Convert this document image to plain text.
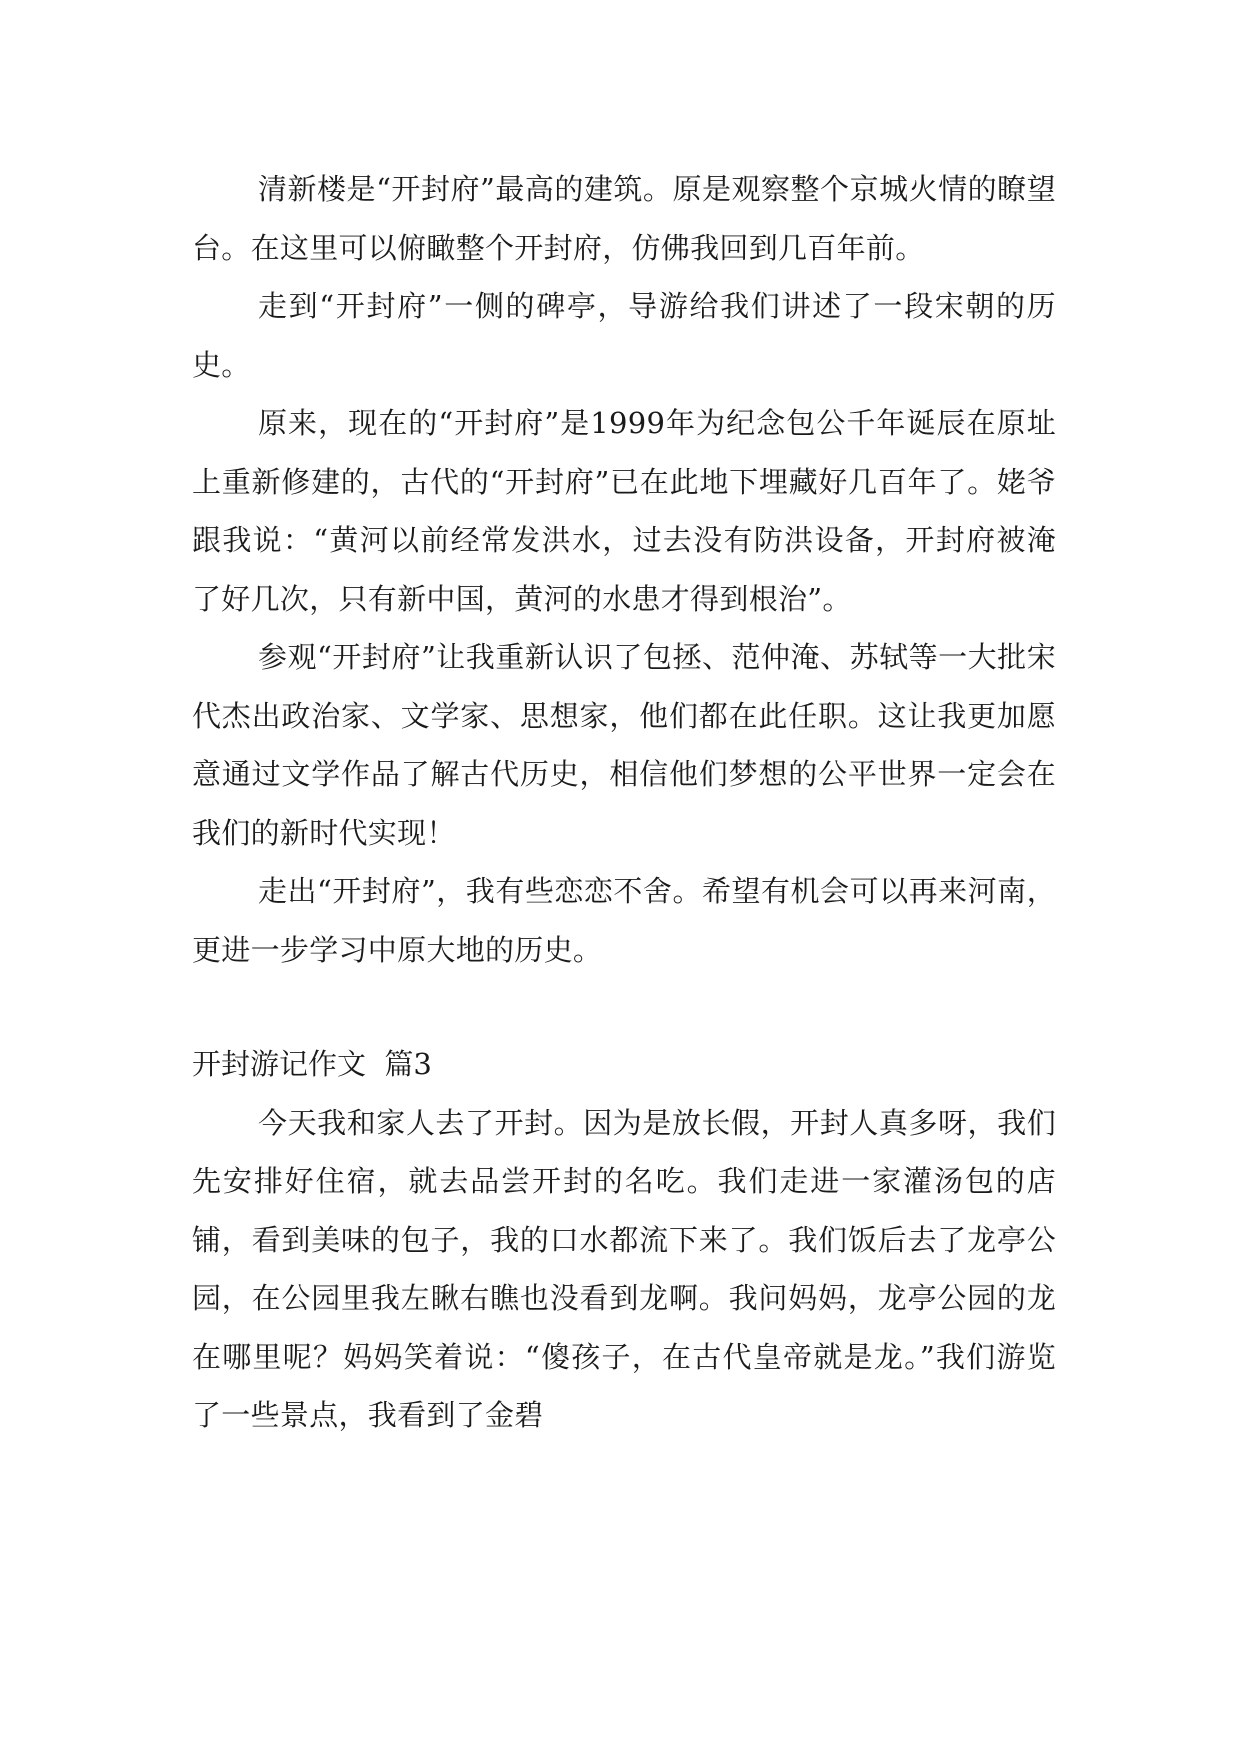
清新楼是“开封府”最高的建筑。原是观察整个京城火情的瞭望台。在这里可以俯瞰整个开封府，仿佛我回到几百年前。

走到“开封府”一侧的碑亭，导游给我们讲述了一段宋朝的历史。

原来，现在的“开封府”是1999年为纪念包公千年诞辰在原址上重新修建的，古代的“开封府”已在此地下埋藏好几百年了。姥爷跟我说：“黄河以前经常发洪水，过去没有防洪设备，开封府被淹了好几次，只有新中国，黄河的水患才得到根治”。

参观“开封府”让我重新认识了包拯、范仲淹、苏轼等一大批宋代杰出政治家、文学家、思想家，他们都在此任职。这让我更加愿意通过文学作品了解古代历史，相信他们梦想的公平世界一定会在我们的新时代实现！

走出“开封府”，我有些恋恋不舍。希望有机会可以再来河南，更进一步学习中原大地的历史。

开封游记作文  篇3

今天我和家人去了开封。因为是放长假，开封人真多呀，我们先安排好住宿，就去品尝开封的名吃。我们走进一家灌汤包的店铺，看到美味的包子，我的口水都流下来了。我们饭后去了龙亭公园，在公园里我左瞅右瞧也没看到龙啊。我问妈妈，龙亭公园的龙在哪里呢？妈妈笑着说：“傻孩子，在古代皇帝就是龙。”我们游览了一些景点，我看到了金碧
